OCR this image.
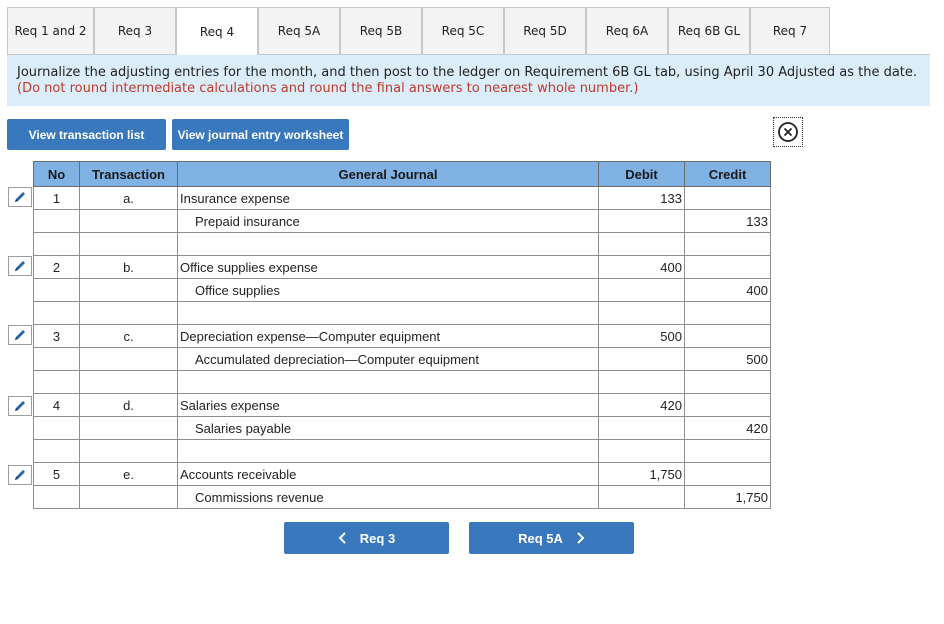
Req 1 and 2	Req 3	Req 4	Req 5A	Req 5B	Req 5C	Req 5D	Req 6A	Req 6B GL	Req 7
Journalize the adjusting entries for the month, and then post to the ledger on Requirement 6B GL tab, using April 30 Adjusted as the date. (Do not round intermediate calculations and round the final answers to nearest whole number.)
View transaction list	View journal entry worksheet
No	Transaction	General Journal	Debit	Credit
1	a.	Insurance expense	133	
		Prepaid insurance		133

2	b.	Office supplies expense	400	
		Office supplies		400

3	c.	Depreciation expense—Computer equipment	500	
		Accumulated depreciation—Computer equipment		500

4	d.	Salaries expense	420	
		Salaries payable		420

5	e.	Accounts receivable	1,750	
		Commissions revenue		1,750
Req 3	Req 5A
